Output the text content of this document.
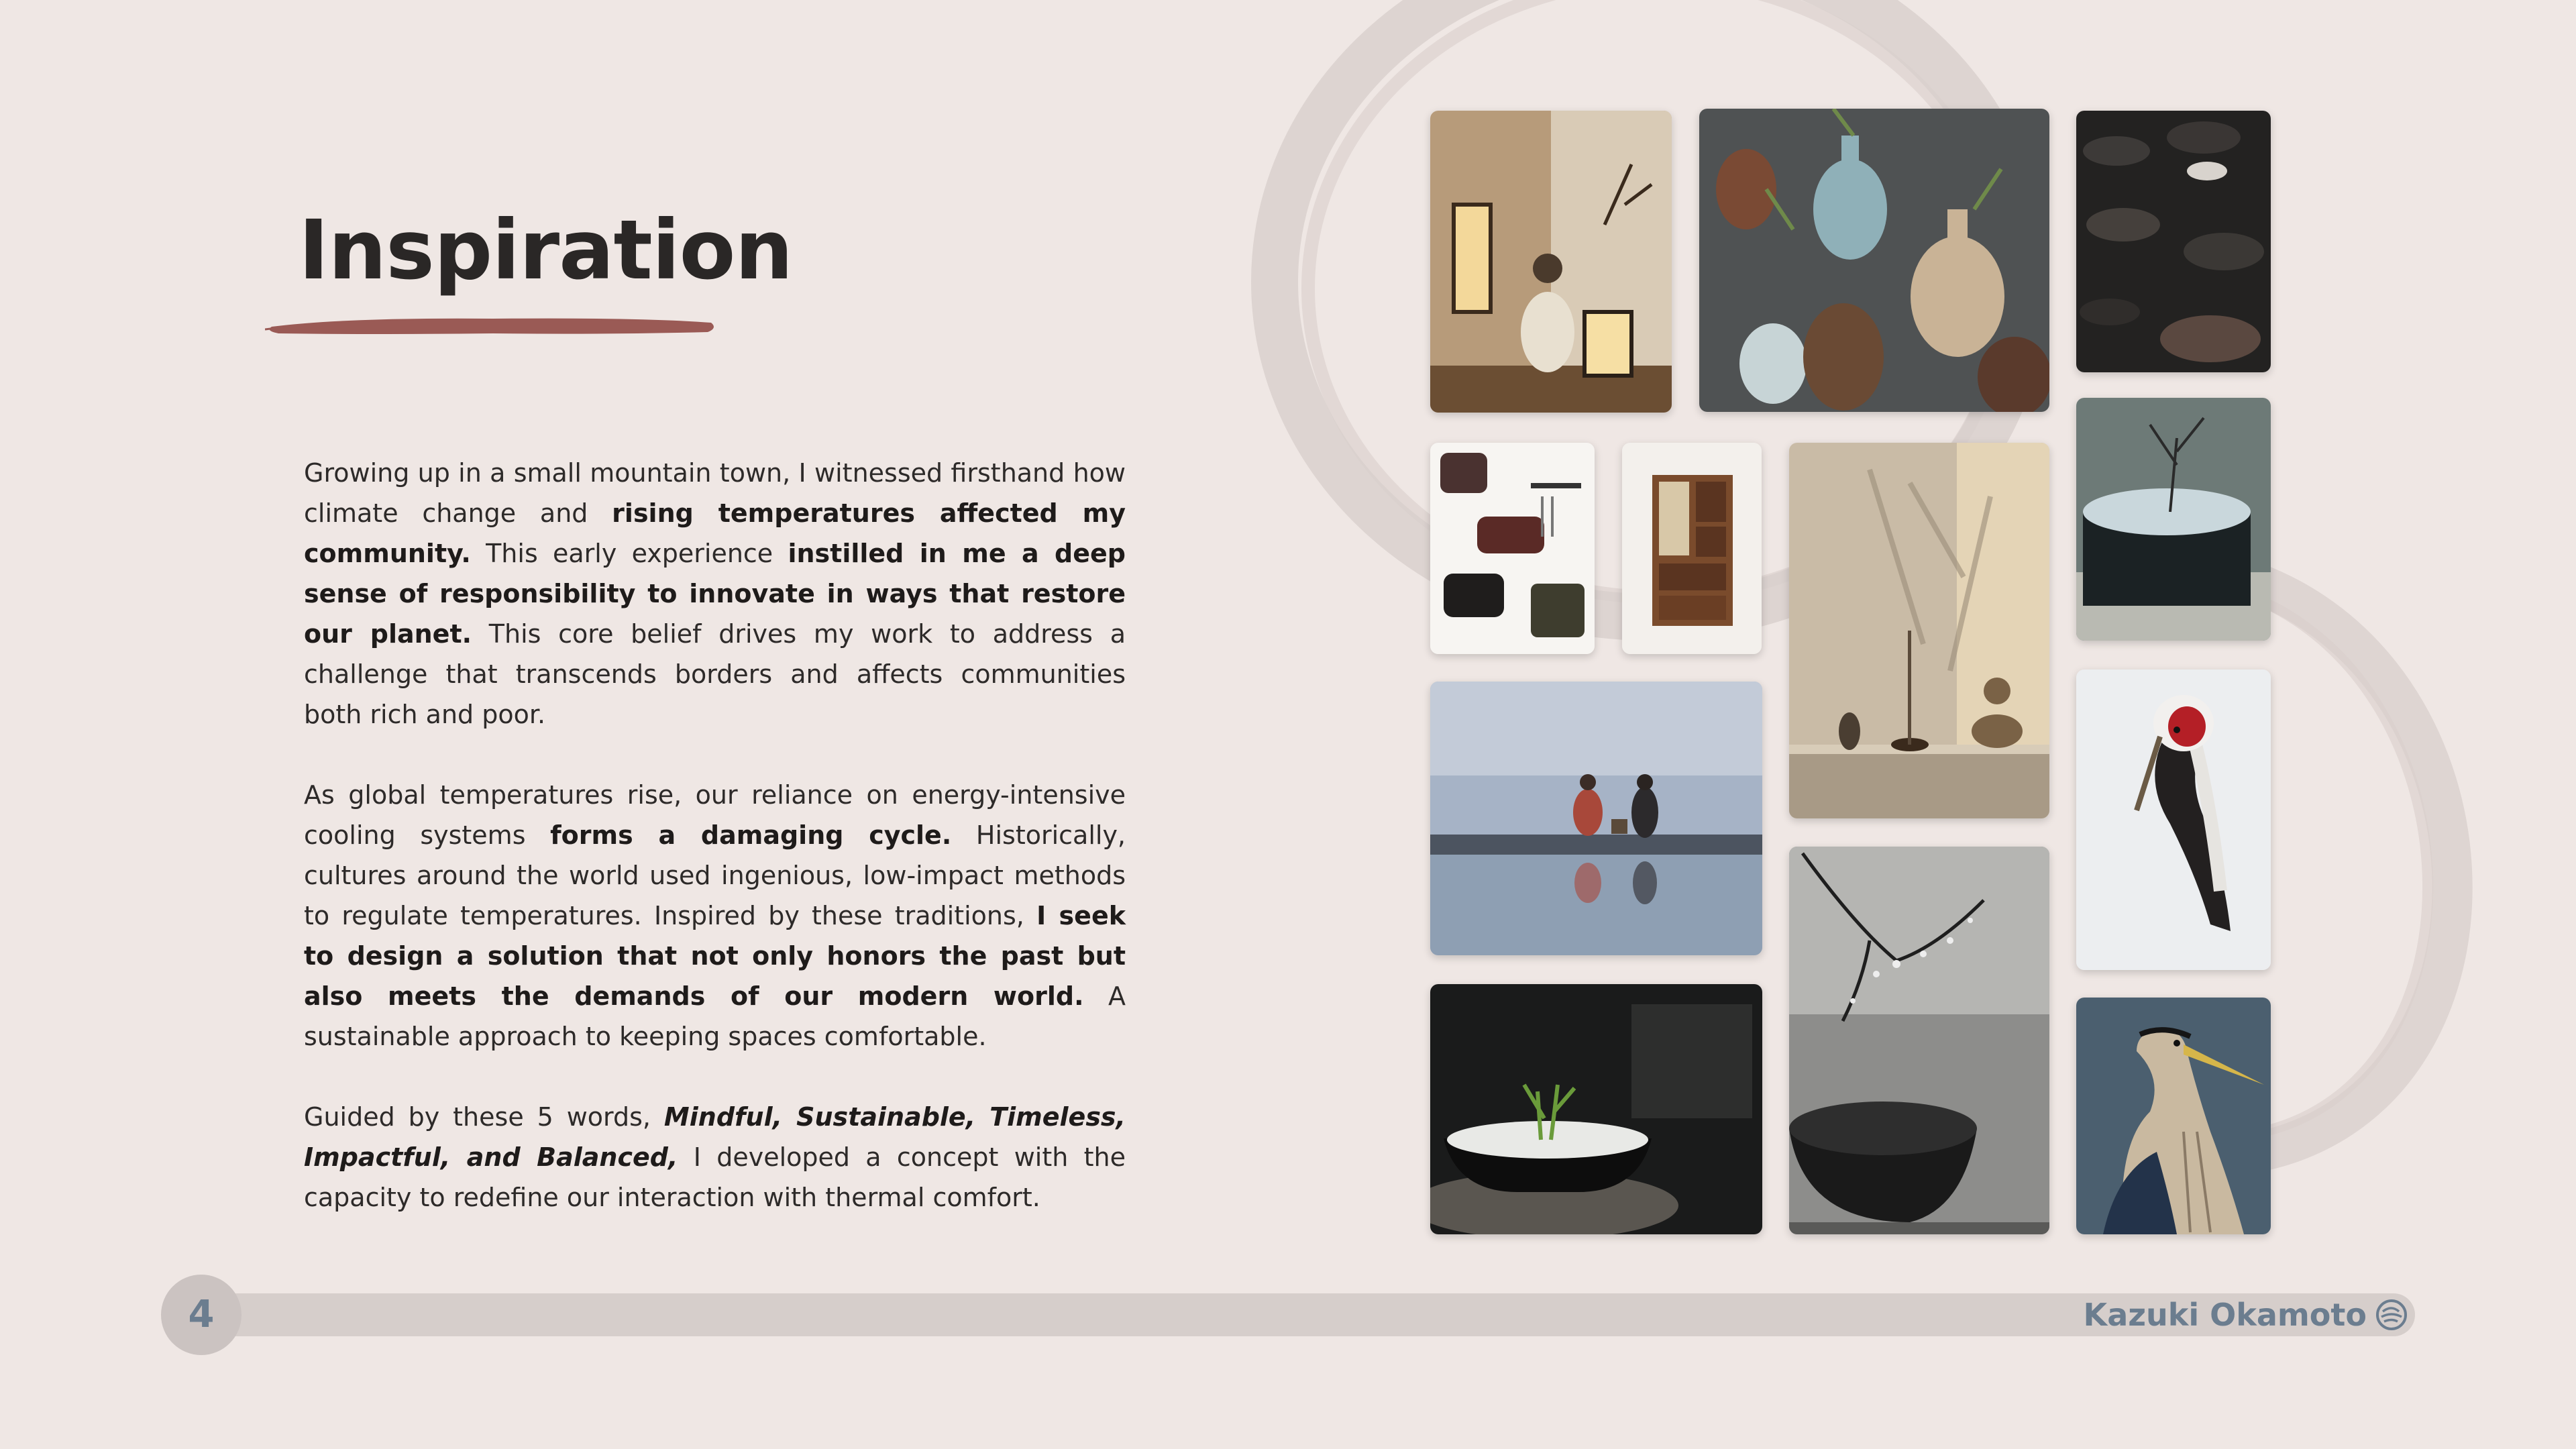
Inspiration

Growing up in a small mountain town, I witnessed firsthand how climate change and rising temperatures affected my community. This early experience instilled in me a deep sense of responsibility to innovate in ways that restore our planet. This core belief drives my work to address a challenge that transcends borders and affects communities both rich and poor.

As global temperatures rise, our reliance on energy-intensive cooling systems forms a damaging cycle. Historically, cultures around the world used ingenious, low-impact methods to regulate temperatures. Inspired by these traditions, I seek to design a solution that not only honors the past but also meets the demands of our modern world. A sustainable approach to keeping spaces comfortable.

Guided by these 5 words, Mindful, Sustainable, Timeless, Impactful, and Balanced, I developed a concept with the capacity to redefine our interaction with thermal comfort.

4	Kazuki Okamoto
